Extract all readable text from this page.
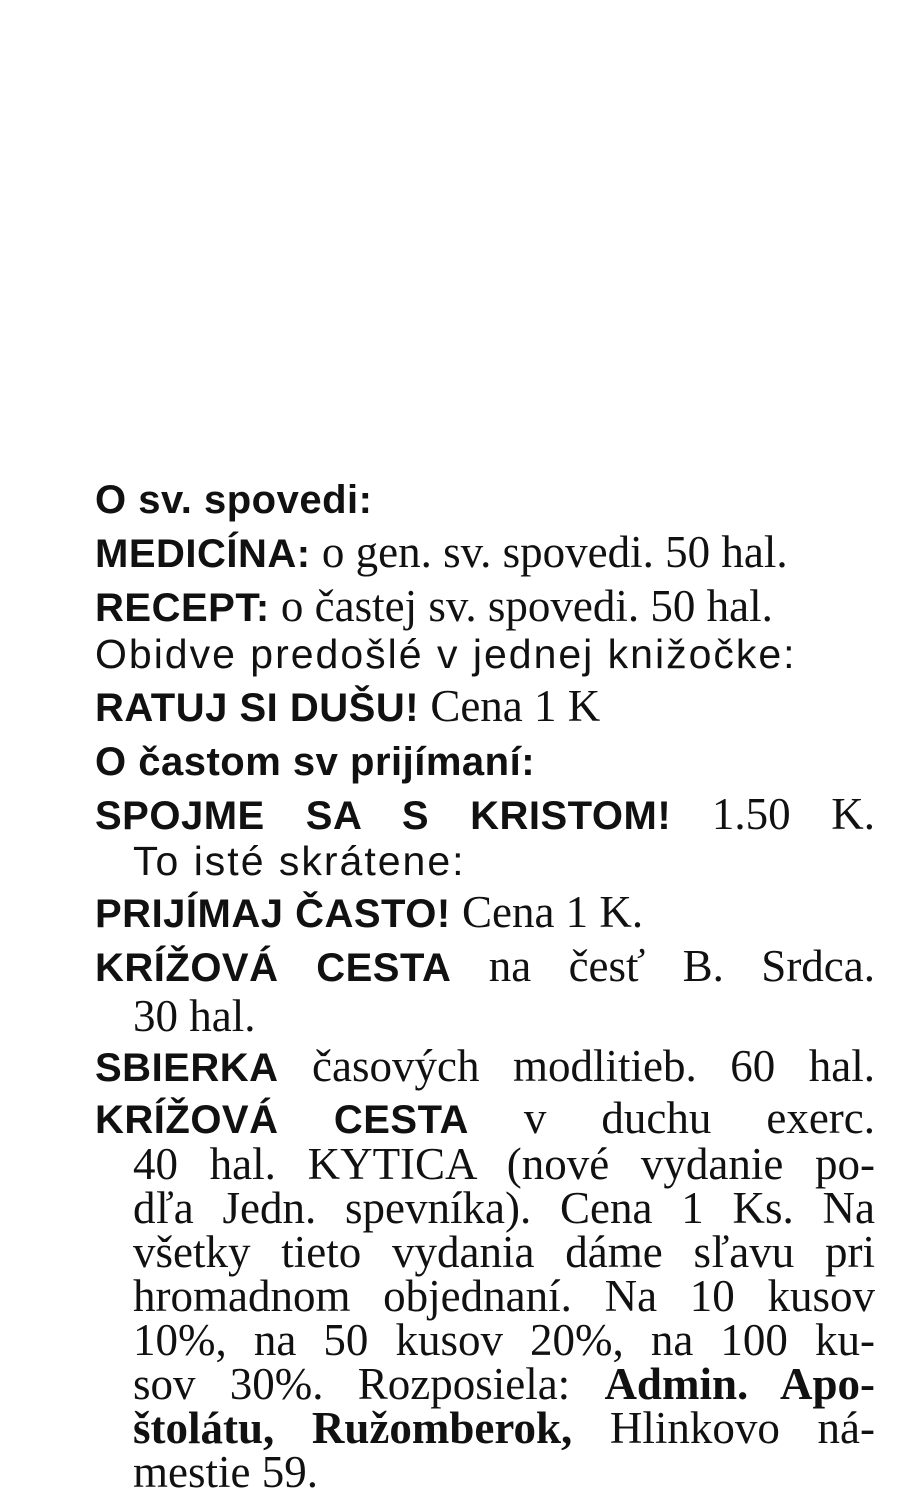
O sv. spovedi:

MEDICÍNA: o gen. sv. spovedi. 50 hal.

RECEPT: o častej sv. spovedi. 50 hal.

Obidve predošlé v jednej knižočke:

RATUJ SI DUŠU! Cena 1 K

O častom sv prijímaní:

SPOJME SA S KRISTOM! 1.50 K.

To isté skrátene:

PRIJÍMAJ ČASTO! Cena 1 K.

KRÍŽOVÁ CESTA na česť B. Srdca.

30 hal.

SBIERKA časových modlitieb. 60 hal.

KRÍŽOVÁ CESTA v duchu exerc.

40 hal. KYTICA (nové vydanie po-

dľa Jedn. spevníka). Cena 1 Ks. Na

všetky tieto vydania dáme sľavu pri

hromadnom objednaní. Na 10 kusov

10%, na 50 kusov 20%, na 100 ku-

sov 30%. Rozposiela: Admin. Apo-

štolátu, Ružomberok, Hlinkovo ná-

mestie 59.
